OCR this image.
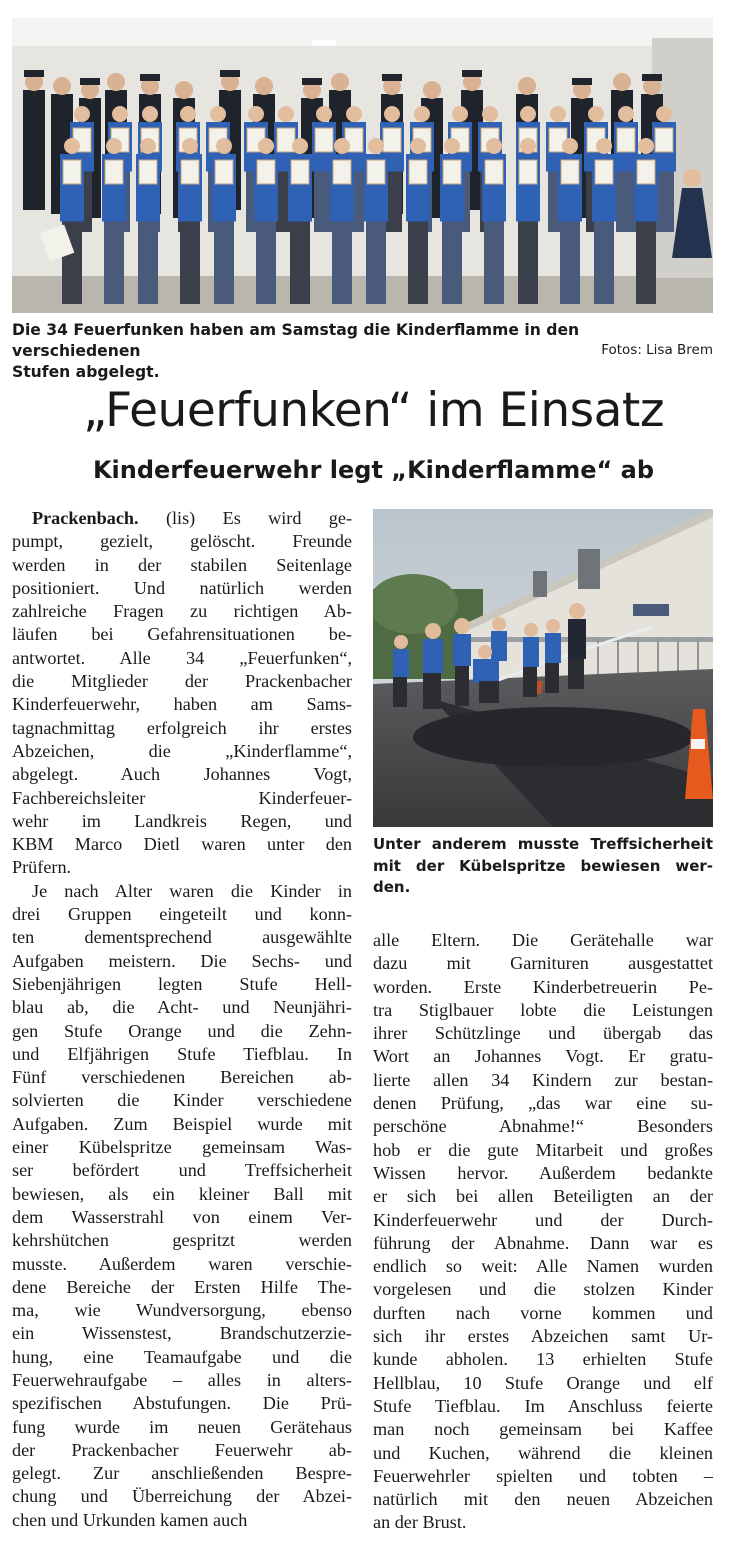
Die 34 Feuerfunken haben am Samstag die Kinderflamme in den verschiedenen
Stufen abgelegt.
Fotos: Lisa Brem
„Feuerfunken“ im Einsatz
Kinderfeuerwehr legt „Kinderflamme“ ab
Prackenbach. (lis) Es wird ge-
pumpt, gezielt, gelöscht. Freunde
werden in der stabilen Seitenlage
positioniert. Und natürlich werden
zahlreiche Fragen zu richtigen Ab-
läufen bei Gefahrensituationen be-
antwortet. Alle 34 „Feuerfunken“,
die Mitglieder der Prackenbacher
Kinderfeuerwehr, haben am Sams-
tagnachmittag erfolgreich ihr erstes
Abzeichen, die „Kinderflamme“,
abgelegt. Auch Johannes Vogt,
Fachbereichsleiter Kinderfeuer-
wehr im Landkreis Regen, und
KBM Marco Dietl waren unter den
Prüfern.
Je nach Alter waren die Kinder in
drei Gruppen eingeteilt und konn-
ten dementsprechend ausgewählte
Aufgaben meistern. Die Sechs- und
Siebenjährigen legten Stufe Hell-
blau ab, die Acht- und Neunjähri-
gen Stufe Orange und die Zehn-
und Elfjährigen Stufe Tiefblau. In
Fünf verschiedenen Bereichen ab-
solvierten die Kinder verschiedene
Aufgaben. Zum Beispiel wurde mit
einer Kübelspritze gemeinsam Was-
ser befördert und Treffsicherheit
bewiesen, als ein kleiner Ball mit
dem Wasserstrahl von einem Ver-
kehrshütchen gespritzt werden
musste. Außerdem waren verschie-
dene Bereiche der Ersten Hilfe The-
ma, wie Wundversorgung, ebenso
ein Wissenstest, Brandschutzerzie-
hung, eine Teamaufgabe und die
Feuerwehraufgabe – alles in alters-
spezifischen Abstufungen. Die Prü-
fung wurde im neuen Gerätehaus
der Prackenbacher Feuerwehr ab-
gelegt. Zur anschließenden Bespre-
chung und Überreichung der Abzei-
chen und Urkunden kamen auch
Unter anderem musste Treffsicherheit
mit der Kübelspritze bewiesen wer-
den.
alle Eltern. Die Gerätehalle war
dazu mit Garnituren ausgestattet
worden. Erste Kinderbetreuerin Pe-
tra Stiglbauer lobte die Leistungen
ihrer Schützlinge und übergab das
Wort an Johannes Vogt. Er gratu-
lierte allen 34 Kindern zur bestan-
denen Prüfung, „das war eine su-
perschöne Abnahme!“ Besonders
hob er die gute Mitarbeit und großes
Wissen hervor. Außerdem bedankte
er sich bei allen Beteiligten an der
Kinderfeuerwehr und der Durch-
führung der Abnahme. Dann war es
endlich so weit: Alle Namen wurden
vorgelesen und die stolzen Kinder
durften nach vorne kommen und
sich ihr erstes Abzeichen samt Ur-
kunde abholen. 13 erhielten Stufe
Hellblau, 10 Stufe Orange und elf
Stufe Tiefblau. Im Anschluss feierte
man noch gemeinsam bei Kaffee
und Kuchen, während die kleinen
Feuerwehrler spielten und tobten –
natürlich mit den neuen Abzeichen
an der Brust.
